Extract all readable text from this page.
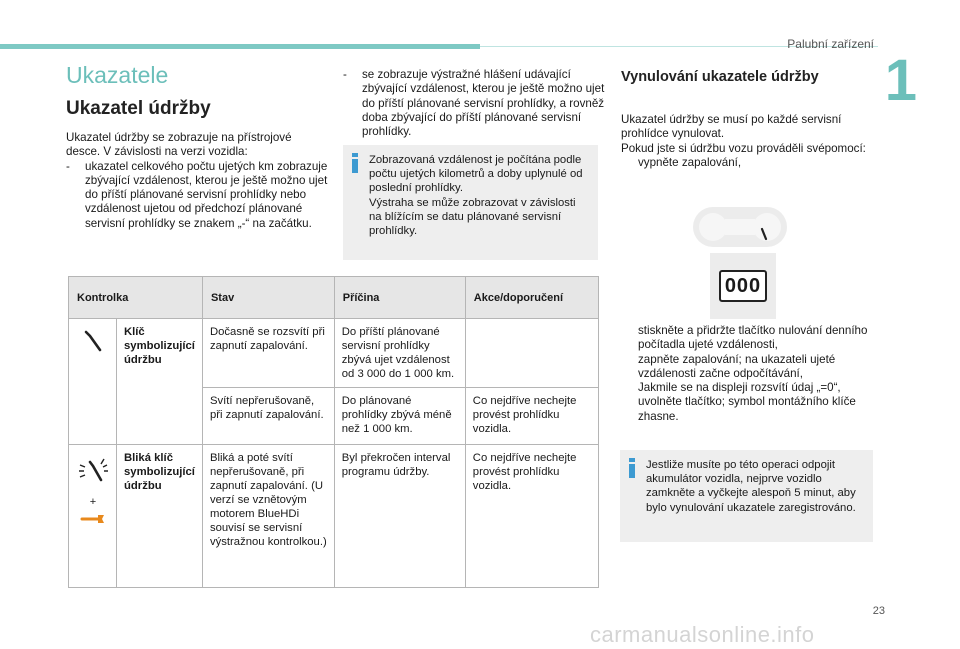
Palubní zařízení
1
Ukazatele
Ukazatel údržby
Ukazatel údržby se zobrazuje na přístrojové desce. V závislosti na verzi vozidla:
-	ukazatel celkového počtu ujetých km zobrazuje zbývající vzdálenost, kterou je ještě možno ujet do příští plánované servisní prohlídky nebo vzdálenost ujetou od předchozí plánované servisní prohlídky se znakem „-“ na začátku.
-	se zobrazuje výstražné hlášení udávající zbývající vzdálenost, kterou je ještě možno ujet do příští plánované servisní prohlídky, a rovněž doba zbývající do příští plánované servisní prohlídky.
Zobrazovaná vzdálenost je počítána podle počtu ujetých kilometrů a doby uplynulé od poslední prohlídky.
Výstraha se může zobrazovat v závislosti na blížícím se datu plánované servisní prohlídky.
Kontrolka		Stav	Příčina	Akce/doporučení
	Klíč symbolizující údržbu	Dočasně se rozsvítí při zapnutí zapalování.	Do příští plánované servisní prohlídky zbývá ujet vzdálenost od 3 000 do 1 000 km.	
		Svítí nepřerušovaně, při zapnutí zapalování.	Do plánované prohlídky zbývá méně než 1 000 km.	Co nejdříve nechejte provést prohlídku vozidla.

+	Bliká klíč symbolizující údržbu	Bliká a poté svítí nepřerušovaně, při zapnutí zapalování. (U verzí se vznětovým motorem BlueHDi souvisí se servisní výstražnou kontrolkou.)	Byl překročen interval programu údržby.	Co nejdříve nechejte provést prohlídku vozidla.
Vynulování ukazatele údržby
Ukazatel údržby se musí po každé servisní prohlídce vynulovat.
Pokud jste si údržbu vozu prováděli svépomocí:
vypněte zapalování,
000
stiskněte a přidržte tlačítko nulování denního počítadla ujeté vzdálenosti,
zapněte zapalování; na ukazateli ujeté vzdálenosti začne odpočítávání,
Jakmile se na displeji rozsvítí údaj „=0“, uvolněte tlačítko; symbol montážního klíče zhasne.
Jestliže musíte po této operaci odpojit akumulátor vozidla, nejprve vozidlo zamkněte a vyčkejte alespoň 5 minut, aby bylo vynulování ukazatele zaregistrováno.
23
carmanualsonline.info
